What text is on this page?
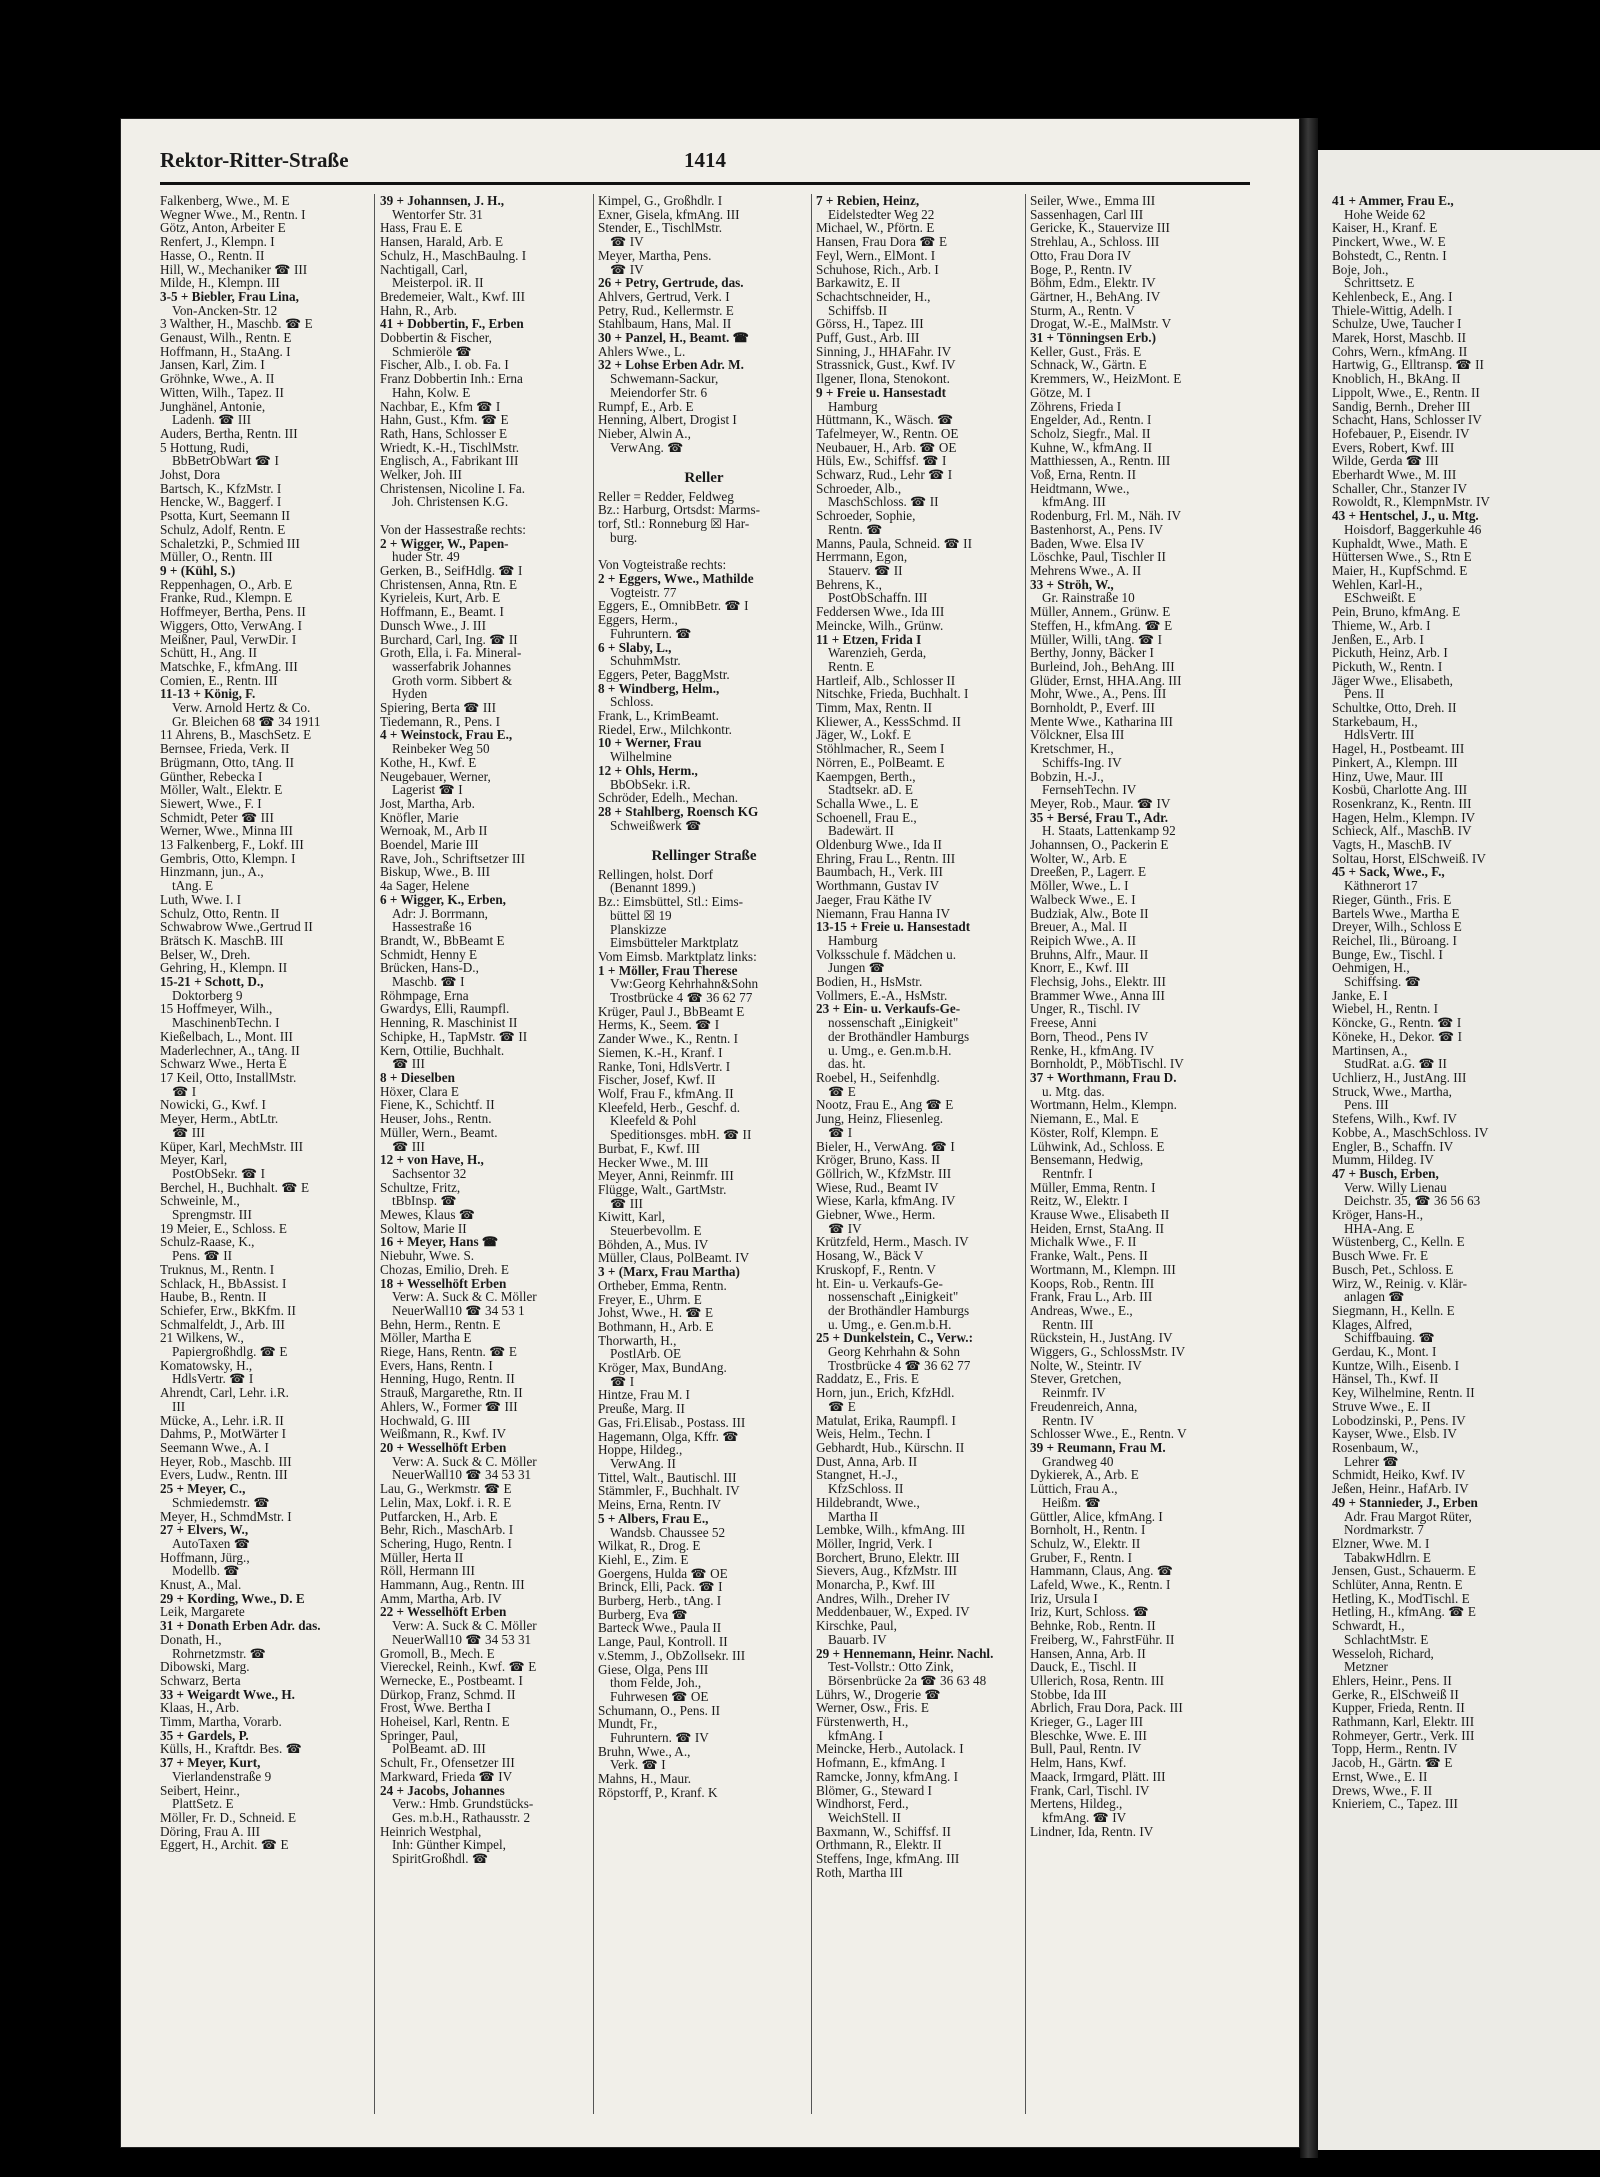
Rektor-Ritter-Straße	1414

Falkenberg, Wwe., M. E

Wegner Wwe., M., Rentn. I

Götz, Anton, Arbeiter E

Renfert, J., Klempn. I

Hasse, O., Rentn. II

Hill, W., Mechaniker ☎ III

Milde, H., Klempn. III

3-5 + Biebler, Frau Lina,

Von-Ancken-Str. 12

3 Walther, H., Maschb. ☎ E

Genaust, Wilh., Rentn. E

Hoffmann, H., StaAng. I

Jansen, Karl, Zim. I

Gröhnke, Wwe., A. II

Witten, Wilh., Tapez. II

Junghänel, Antonie,

Ladenh. ☎ III

Auders, Bertha, Rentn. III

5 Hottung, Rudi,

BbBetrObWart ☎ I

Johst, Dora

Bartsch, K., KfzMstr. I

Hencke, W., Baggerf. I

Psotta, Kurt, Seemann II

Schulz, Adolf, Rentn. E

Schaletzki, P., Schmied III

Müller, O., Rentn. III

9 + (Kühl, S.)

Reppenhagen, O., Arb. E

Franke, Rud., Klempn. E

Hoffmeyer, Bertha, Pens. II

Wiggers, Otto, VerwAng. I

Meißner, Paul, VerwDir. I

Schütt, H., Ang. II

Matschke, F., kfmAng. III

Comien, E., Rentn. III

11-13 + König, F.

Verw. Arnold Hertz & Co.

Gr. Bleichen 68 ☎ 34 1911

11 Ahrens, B., MaschSetz. E

Bernsee, Frieda, Verk. II

Brügmann, Otto, tAng. II

Günther, Rebecka I

Möller, Walt., Elektr. E

Siewert, Wwe., F. I

Schmidt, Peter ☎ III

Werner, Wwe., Minna III

13 Falkenberg, F., Lokf. III

Gembris, Otto, Klempn. I

Hinzmann, jun., A.,

tAng. E

Luth, Wwe. I. I

Schulz, Otto, Rentn. II

Schwabrow Wwe.,Gertrud II

Brätsch K. MaschB. III

Belser, W., Dreh.

Gehring, H., Klempn. II

15-21 + Schott, D.,

Doktorberg 9

15 Hoffmeyer, Wilh.,

MaschinenbTechn. I

Kießelbach, L., Mont. III

Maderlechner, A., tAng. II

Schwarz Wwe., Herta E

17 Keil, Otto, InstallMstr.

☎ I

Nowicki, G., Kwf. I

Meyer, Herm., AbtLtr.

☎ III

Küper, Karl, MechMstr. III

Meyer, Karl,

PostObSekr. ☎ I

Berchel, H., Buchhalt. ☎ E

Schweinle, M.,

Sprengmstr. III

19 Meier, E., Schloss. E

Schulz-Raase, K.,

Pens. ☎ II

Truknus, M., Rentn. I

Schlack, H., BbAssist. I

Haube, B., Rentn. II

Schiefer, Erw., BkKfm. II

Schmalfeldt, J., Arb. III

21 Wilkens, W.,

Papiergroßhdlg. ☎ E

Komatowsky, H.,

HdlsVertr. ☎ I

Ahrendt, Carl, Lehr. i.R.

III

Mücke, A., Lehr. i.R. II

Dahms, P., MotWärter I

Seemann Wwe., A. I

Heyer, Rob., Maschb. III

Evers, Ludw., Rentn. III

25 + Meyer, C.,

Schmiedemstr. ☎

Meyer, H., SchmdMstr. I

27 + Elvers, W.,

AutoTaxen ☎

Hoffmann, Jürg.,

Modellb. ☎

Knust, A., Mal.

29 + Kording, Wwe., D. E

Leik, Margarete

31 + Donath Erben Adr. das.

Donath, H.,

Rohrnetzmstr. ☎

Dibowski, Marg.

Schwarz, Berta

33 + Weigardt Wwe., H.

Klaas, H., Arb.

Timm, Martha, Vorarb.

35 + Gardels, P.

Külls, H., Kraftdr. Bes. ☎

37 + Meyer, Kurt,

Vierlandenstraße 9

Seibert, Heinr.,

PlattSetz. E

Möller, Fr. D., Schneid. E

Döring, Frau A. III

Eggert, H., Archit. ☎ E

39 + Johannsen, J. H.,

Wentorfer Str. 31

Hass, Frau E. E

Hansen, Harald, Arb. E

Schulz, H., MaschBaulng. I

Nachtigall, Carl,

Meisterpol. iR. II

Bredemeier, Walt., Kwf. III

Hahn, R., Arb.

41 + Dobbertin, F., Erben

Dobbertin & Fischer,

Schmieröle ☎

Fischer, Alb., I. ob. Fa. I

Franz Dobbertin Inh.: Erna

Hahn, Kolw. E

Nachbar, E., Kfm ☎ I

Hahn, Gust., Kfm. ☎ E

Rath, Hans, Schlosser E

Wriedt, K.-H., TischlMstr.

Englisch, A., Fabrikant III

Welker, Joh. III

Christensen, Nicoline I. Fa.

Joh. Christensen K.G.

Von der Hassestraße rechts:

2 + Wigger, W., Papen-

huder Str. 49

Gerken, B., SeifHdlg. ☎ I

Christensen, Anna, Rtn. E

Kyrieleis, Kurt, Arb. E

Hoffmann, E., Beamt. I

Dunsch Wwe., J. III

Burchard, Carl, Ing. ☎ II

Groth, Ella, i. Fa. Mineral-

wasserfabrik Johannes

Groth vorm. Sibbert &

Hyden

Spiering, Berta ☎ III

Tiedemann, R., Pens. I

4 + Weinstock, Frau E.,

Reinbeker Weg 50

Kothe, H., Kwf. E

Neugebauer, Werner,

Lagerist ☎ I

Jost, Martha, Arb.

Knöfler, Marie

Wernoak, M., Arb II

Boendel, Marie III

Rave, Joh., Schriftsetzer III

Biskup, Wwe., B. III

4a Sager, Helene

6 + Wigger, K., Erben,

Adr: J. Borrmann,

Hassestraße 16

Brandt, W., BbBeamt E

Schmidt, Henny E

Brücken, Hans-D.,

Maschb. ☎ I

Röhmpage, Erna

Gwardys, Elli, Raumpfl.

Henning, R. Maschinist II

Schipke, H., TapMstr. ☎ II

Kern, Ottilie, Buchhalt.

☎ III

8 + Dieselben

Höxer, Clara E

Fiene, K., Schichtf. II

Heuser, Johs., Rentn.

Müller, Wern., Beamt.

☎ III

12 + von Have, H.,

Sachsentor 32

Schultze, Fritz,

tBbInsp. ☎

Mewes, Klaus ☎

Soltow, Marie II

16 + Meyer, Hans ☎

Niebuhr, Wwe. S.

Chozas, Emilio, Dreh. E

18 + Wesselhöft Erben

Verw: A. Suck & C. Möller

NeuerWall10 ☎ 34 53 1

Behn, Herm., Rentn. E

Möller, Martha E

Riege, Hans, Rentn. ☎ E

Evers, Hans, Rentn. I

Henning, Hugo, Rentn. II

Strauß, Margarethe, Rtn. II

Ahlers, W., Former ☎ III

Hochwald, G. III

Weißmann, R., Kwf. IV

20 + Wesselhöft Erben

Verw: A. Suck & C. Möller

NeuerWall10 ☎ 34 53 31

Lau, G., Werkmstr. ☎ E

Lelin, Max, Lokf. i. R. E

Putfarcken, H., Arb. E

Behr, Rich., MaschArb. I

Schering, Hugo, Rentn. I

Müller, Herta II

Röll, Hermann III

Hammann, Aug., Rentn. III

Amm, Martha, Arb. IV

22 + Wesselhöft Erben

Verw: A. Suck & C. Möller

NeuerWall10 ☎ 34 53 31

Gromoll, B., Mech. E

Viereckel, Reinh., Kwf. ☎ E

Wernecke, E., Postbeamt. I

Dürkop, Franz, Schmd. II

Frost, Wwe. Bertha I

Hoheisel, Karl, Rentn. E

Springer, Paul,

PolBeamt. aD. III

Schult, Fr., Ofensetzer III

Markward, Frieda ☎ IV

24 + Jacobs, Johannes

Verw.: Hmb. Grundstücks-

Ges. m.b.H., Rathausstr. 2

Heinrich Westphal,

Inh: Günther Kimpel,

SpiritGroßhdl. ☎

Kimpel, G., Großhdlr. I

Exner, Gisela, kfmAng. III

Stender, E., TischlMstr.

☎ IV

Meyer, Martha, Pens.

☎ IV

26 + Petry, Gertrude, das.

Ahlvers, Gertrud, Verk. I

Petry, Rud., Kellermstr. E

Stahlbaum, Hans, Mal. II

30 + Panzel, H., Beamt. ☎

Ahlers Wwe., L.

32 + Lohse Erben Adr. M.

Schwemann-Sackur,

Meiendorfer Str. 6

Rumpf, E., Arb. E

Henning, Albert, Drogist I

Nieber, Alwin A.,

VerwAng. ☎

Reller

Reller = Redder, Feldweg

Bz.: Harburg, Ortsdst: Marms-

torf, Stl.: Ronneburg ☒ Har-

burg.

Von Vogteistraße rechts:

2 + Eggers, Wwe., Mathilde

Vogteistr. 77

Eggers, E., OmnibBetr. ☎ I

Eggers, Herm.,

Fuhruntern. ☎

6 + Slaby, L.,

SchuhmMstr.

Eggers, Peter, BaggMstr.

8 + Windberg, Helm.,

Schloss.

Frank, L., KrimBeamt.

Riedel, Erw., Milchkontr.

10 + Werner, Frau

Wilhelmine

12 + Ohls, Herm.,

BbObSekr. i.R.

Schröder, Edelh., Mechan.

28 + Stahlberg, Roensch KG

Schweißwerk ☎

Rellinger Straße

Rellingen, holst. Dorf

(Benannt 1899.)

Bz.: Eimsbüttel, Stl.: Eims-

büttel ☒ 19

Planskizze

Eimsbütteler Marktplatz

Vom Eimsb. Marktplatz links:

1 + Möller, Frau Therese

Vw:Georg Kehrhahn&Sohn

Trostbrücke 4 ☎ 36 62 77

Krüger, Paul J., BbBeamt E

Herms, K., Seem. ☎ I

Zander Wwe., K., Rentn. I

Siemen, K.-H., Kranf. I

Ranke, Toni, HdlsVertr. I

Fischer, Josef, Kwf. II

Wolf, Frau F., kfmAng. II

Kleefeld, Herb., Geschf. d.

Kleefeld & Pohl

Speditionsges. mbH. ☎ II

Burbat, F., Kwf. III

Hecker Wwe., M. III

Meyer, Anni, Reinmfr. III

Flügge, Walt., GartMstr.

☎ III

Kiwitt, Karl,

Steuerbevollm. E

Böhden, A., Mus. IV

Müller, Claus, PolBeamt. IV

3 + (Marx, Frau Martha)

Ortheber, Emma, Rentn.

Freyer, E., Uhrm. E

Johst, Wwe., H. ☎ E

Bothmann, H., Arb. E

Thorwarth, H.,

PostlArb. OE

Kröger, Max, BundAng.

☎ I

Hintze, Frau M. I

Preuße, Marg. II

Gas, Fri.Elisab., Postass. III

Hagemann, Olga, Kffr. ☎

Hoppe, Hildeg.,

VerwAng. II

Tittel, Walt., Bautischl. III

Stämmler, F., Buchhalt. IV

Meins, Erna, Rentn. IV

5 + Albers, Frau E.,

Wandsb. Chaussee 52

Wilkat, R., Drog. E

Kiehl, E., Zim. E

Goergens, Hulda ☎ OE

Brinck, Elli, Pack. ☎ I

Burberg, Herb., tAng. I

Burberg, Eva ☎

Barteck Wwe., Paula II

Lange, Paul, Kontroll. II

v.Stemm, J., ObZollsekr. III

Giese, Olga, Pens III

thom Felde, Joh.,

Fuhrwesen ☎ OE

Schumann, O., Pens. II

Mundt, Fr.,

Fuhruntern. ☎ IV

Bruhn, Wwe., A.,

Verk. ☎ I

Mahns, H., Maur.

Röpstorff, P., Kranf. K

7 + Rebien, Heinz,

Eidelstedter Weg 22

Michael, W., Pförtn. E

Hansen, Frau Dora ☎ E

Feyl, Wern., ElMont. I

Schuhose, Rich., Arb. I

Barkawitz, E. II

Schachtschneider, H.,

Schiffsb. II

Görss, H., Tapez. III

Puff, Gust., Arb. III

Sinning, J., HHAFahr. IV

Strassnick, Gust., Kwf. IV

Ilgener, Ilona, Stenokont.

9 + Freie u. Hansestadt

Hamburg

Hüttmann, K., Wäsch. ☎

Tafelmeyer, W., Rentn. OE

Neubauer, H., Arb. ☎ OE

Hüls, Ew., Schiffsf. ☎ I

Schwarz, Rud., Lehr ☎ I

Schroeder, Alb.,

MaschSchloss. ☎ II

Schroeder, Sophie,

Rentn. ☎

Manns, Paula, Schneid. ☎ II

Herrmann, Egon,

Stauerv. ☎ II

Behrens, K.,

PostObSchaffn. III

Feddersen Wwe., Ida III

Meincke, Wilh., Grünw.

11 + Etzen, Frida I

Warenzieh, Gerda,

Rentn. E

Hartleif, Alb., Schlosser II

Nitschke, Frieda, Buchhalt. I

Timm, Max, Rentn. II

Kliewer, A., KessSchmd. II

Jäger, W., Lokf. E

Stöhlmacher, R., Seem I

Nörren, E., PolBeamt. E

Kaempgen, Berth.,

Stadtsekr. aD. E

Schalla Wwe., L. E

Schoenell, Frau E.,

Badewärt. II

Oldenburg Wwe., Ida II

Ehring, Frau L., Rentn. III

Baumbach, H., Verk. III

Worthmann, Gustav IV

Jaeger, Frau Käthe IV

Niemann, Frau Hanna IV

13-15 + Freie u. Hansestadt

Hamburg

Volksschule f. Mädchen u.

Jungen ☎

Bodien, H., HsMstr.

Vollmers, E.-A., HsMstr.

23 + Ein- u. Verkaufs-Ge-

nossenschaft „Einigkeit"

der Brothändler Hamburgs

u. Umg., e. Gen.m.b.H.

das. ht.

Roebel, H., Seifenhdlg.

☎ E

Nootz, Frau E., Ang ☎ E

Jung, Heinz, Fliesenleg.

☎ I

Bieler, H., VerwAng. ☎ I

Kröger, Bruno, Kass. II

Göllrich, W., KfzMstr. III

Wiese, Rud., Beamt IV

Wiese, Karla, kfmAng. IV

Giebner, Wwe., Herm.

☎ IV

Krützfeld, Herm., Masch. IV

Hosang, W., Bäck V

Kruskopf, F., Rentn. V

ht. Ein- u. Verkaufs-Ge-

nossenschaft „Einigkeit"

der Brothändler Hamburgs

u. Umg., e. Gen.m.b.H.

25 + Dunkelstein, C., Verw.:

Georg Kehrhahn & Sohn

Trostbrücke 4 ☎ 36 62 77

Raddatz, E., Fris. E

Horn, jun., Erich, KfzHdl.

☎ E

Matulat, Erika, Raumpfl. I

Weis, Helm., Techn. I

Gebhardt, Hub., Kürschn. II

Dust, Anna, Arb. II

Stangnet, H.-J.,

KfzSchloss. II

Hildebrandt, Wwe.,

Martha II

Lembke, Wilh., kfmAng. III

Möller, Ingrid, Verk. I

Borchert, Bruno, Elektr. III

Sievers, Aug., KfzMstr. III

Monarcha, P., Kwf. III

Andres, Wilh., Dreher IV

Meddenbauer, W., Exped. IV

Kirschke, Paul,

Bauarb. IV

29 + Hennemann, Heinr. Nachl.

Test-Vollstr.: Otto Zink,

Börsenbrücke 2a ☎ 36 63 48

Lührs, W., Drogerie ☎

Werner, Osw., Fris. E

Fürstenwerth, H.,

kfmAng. I

Meincke, Herb., Autolack. I

Hofmann, E., kfmAng. I

Ramcke, Jonny, kfmAng. I

Blömer, G., Steward I

Windhorst, Ferd.,

WeichStell. II

Baxmann, W., Schiffsf. II

Orthmann, R., Elektr. II

Steffens, Inge, kfmAng. III

Roth, Martha III

Seiler, Wwe., Emma III

Sassenhagen, Carl III

Gericke, K., Stauervize III

Strehlau, A., Schloss. III

Otto, Frau Dora IV

Boge, P., Rentn. IV

Böhm, Edm., Elektr. IV

Gärtner, H., BehAng. IV

Sturm, A., Rentn. V

Drogat, W.-E., MalMstr. V

31 + Tönningsen Erb.)

Keller, Gust., Fräs. E

Schnack, W., Gärtn. E

Kremmers, W., HeizMont. E

Götze, M. I

Zöhrens, Frieda I

Engelder, Ad., Rentn. I

Scholz, Siegfr., Mal. II

Kuhne, W., kfmAng. II

Matthiessen, A., Rentn. III

Voß, Erna, Rentn. II

Heidtmann, Wwe.,

kfmAng. III

Rodenburg, Frl. M., Näh. IV

Bastenhorst, A., Pens. IV

Baden, Wwe. Elsa IV

Löschke, Paul, Tischler II

Mehrens Wwe., A. II

33 + Ströh, W.,

Gr. Rainstraße 10

Müller, Annem., Grünw. E

Steffen, H., kfmAng. ☎ E

Müller, Willi, tAng. ☎ I

Berthy, Jonny, Bäcker I

Burleind, Joh., BehAng. III

Glüder, Ernst, HHA.Ang. III

Mohr, Wwe., A., Pens. III

Bornholdt, P., Everf. III

Mente Wwe., Katharina III

Völckner, Elsa III

Kretschmer, H.,

Schiffs-Ing. IV

Bobzin, H.-J.,

FernsehTechn. IV

Meyer, Rob., Maur. ☎ IV

35 + Bersé, Frau T., Adr.

H. Staats, Lattenkamp 92

Johannsen, O., Packerin E

Wolter, W., Arb. E

Dreeßen, P., Lagerr. E

Möller, Wwe., L. I

Walbeck Wwe., E. I

Budziak, Alw., Bote II

Breuer, A., Mal. II

Reipich Wwe., A. II

Bruhns, Alfr., Maur. II

Knorr, E., Kwf. III

Flechsig, Johs., Elektr. III

Brammer Wwe., Anna III

Unger, R., Tischl. IV

Freese, Anni

Born, Theod., Pens IV

Renke, H., kfmAng. IV

Bornholdt, P., MöbTischl. IV

37 + Worthmann, Frau D.

u. Mtg. das.

Wortmann, Helm., Klempn.

Niemann, E., Mal. E

Köster, Rolf, Klempn. E

Lühwink, Ad., Schloss. E

Bensemann, Hedwig,

Rentnfr. I

Müller, Emma, Rentn. I

Reitz, W., Elektr. I

Krause Wwe., Elisabeth II

Heiden, Ernst, StaAng. II

Michalk Wwe., F. II

Franke, Walt., Pens. II

Wortmann, M., Klempn. III

Koops, Rob., Rentn. III

Frank, Frau L., Arb. III

Andreas, Wwe., E.,

Rentn. III

Rückstein, H., JustAng. IV

Wiggers, G., SchlossMstr. IV

Nolte, W., Steintr. IV

Stever, Gretchen,

Reinmfr. IV

Freudenreich, Anna,

Rentn. IV

Schlosser Wwe., E., Rentn. V

39 + Reumann, Frau M.

Grandweg 40

Dykierek, A., Arb. E

Lüttich, Frau A.,

Heißm. ☎

Güttler, Alice, kfmAng. I

Bornholt, H., Rentn. I

Schulz, W., Elektr. II

Gruber, F., Rentn. I

Hammann, Claus, Ang. ☎

Lafeld, Wwe., K., Rentn. I

Iriz, Ursula I

Iriz, Kurt, Schloss. ☎

Behnke, Rob., Rentn. II

Freiberg, W., FahrstFühr. II

Hansen, Anna, Arb. II

Dauck, E., Tischl. II

Ullerich, Rosa, Rentn. III

Stobbe, Ida III

Abrlich, Frau Dora, Pack. III

Krieger, G., Lager III

Bleschke, Wwe. E. III

Bull, Paul, Rentn. IV

Helm, Hans, Kwf.

Maack, Irmgard, Plätt. III

Frank, Carl, Tischl. IV

Mertens, Hildeg.,

kfmAng. ☎ IV

Lindner, Ida, Rentn. IV

41 + Ammer, Frau E.,

Hohe Weide 62

Kaiser, H., Kranf. E

Pinckert, Wwe., W. E

Bohstedt, C., Rentn. I

Boje, Joh.,

Schrittsetz. E

Kehlenbeck, E., Ang. I

Thiele-Wittig, Adelh. I

Schulze, Uwe, Taucher I

Marek, Horst, Maschb. II

Cohrs, Wern., kfmAng. II

Hartwig, G., Elltransp. ☎ II

Knoblich, H., BkAng. II

Lippolt, Wwe., E., Rentn. II

Sandig, Bernh., Dreher III

Schacht, Hans, Schlosser IV

Hofebauer, P., Eisendr. IV

Evers, Robert, Kwf. III

Wilde, Gerda ☎ III

Eberhardt Wwe., M. III

Schaller, Chr., Stanzer IV

Rowoldt, R., KlempnMstr. IV

43 + Hentschel, J., u. Mtg.

Hoisdorf, Baggerkuhle 46

Kuphaldt, Wwe., Math. E

Hüttersen Wwe., S., Rtn E

Maier, H., KupfSchmd. E

Wehlen, Karl-H.,

ESchweißt. E

Pein, Bruno, kfmAng. E

Thieme, W., Arb. I

Jenßen, E., Arb. I

Pickuth, Heinz, Arb. I

Pickuth, W., Rentn. I

Jäger Wwe., Elisabeth,

Pens. II

Schultke, Otto, Dreh. II

Starkebaum, H.,

HdlsVertr. III

Hagel, H., Postbeamt. III

Pinkert, A., Klempn. III

Hinz, Uwe, Maur. III

Kosbü, Charlotte Ang. III

Rosenkranz, K., Rentn. III

Hagen, Helm., Klempn. IV

Schieck, Alf., MaschB. IV

Vagts, H., MaschB. IV

Soltau, Horst, ElSchweiß. IV

45 + Sack, Wwe., F.,

Käthnerort 17

Rieger, Günth., Fris. E

Bartels Wwe., Martha E

Dreyer, Wilh., Schloss E

Reichel, Ili., Büroang. I

Bunge, Ew., Tischl. I

Oehmigen, H.,

Schiffsing. ☎

Janke, E. I

Wiebel, H., Rentn. I

Köncke, G., Rentn. ☎ I

Köneke, H., Dekor. ☎ I

Martinsen, A.,

StudRat. a.G. ☎ II

Uchlierz, H., JustAng. III

Struck, Wwe., Martha,

Pens. III

Stefens, Wilh., Kwf. IV

Kobbe, A., MaschSchloss. IV

Engler, B., Schaffn. IV

Mumm, Hildeg. IV

47 + Busch, Erben,

Verw. Willy Lienau

Deichstr. 35, ☎ 36 56 63

Kröger, Hans-H.,

HHA-Ang. E

Wüstenberg, C., Kelln. E

Busch Wwe. Fr. E

Busch, Pet., Schloss. E

Wirz, W., Reinig. v. Klär-

anlagen ☎

Siegmann, H., Kelln. E

Klages, Alfred,

Schiffbauing. ☎

Gerdau, K., Mont. I

Kuntze, Wilh., Eisenb. I

Hänsel, Th., Kwf. II

Key, Wilhelmine, Rentn. II

Struve Wwe., E. II

Lobodzinski, P., Pens. IV

Kayser, Wwe., Elsb. IV

Rosenbaum, W.,

Lehrer ☎

Schmidt, Heiko, Kwf. IV

Jeßen, Heinr., HafArb. IV

49 + Stannieder, J., Erben

Adr. Frau Margot Rüter,

Nordmarkstr. 7

Elzner, Wwe. M. I

TabakwHdlrn. E

Jensen, Gust., Schauerm. E

Schlüter, Anna, Rentn. E

Hetling, K., ModTischl. E

Hetling, H., kfmAng. ☎ E

Schwardt, H.,

SchlachtMstr. E

Wesseloh, Richard,

Metzner

Ehlers, Heinr., Pens. II

Gerke, R., ElSchweiß II

Kupper, Frieda, Rentn. II

Rathmann, Karl, Elektr. III

Rohmeyer, Gertr., Verk. III

Topp, Herm., Rentn. IV

Jacob, H., Gärtn. ☎ E

Ernst, Wwe., E. II

Drews, Wwe., F. II

Knieriem, C., Tapez. III
